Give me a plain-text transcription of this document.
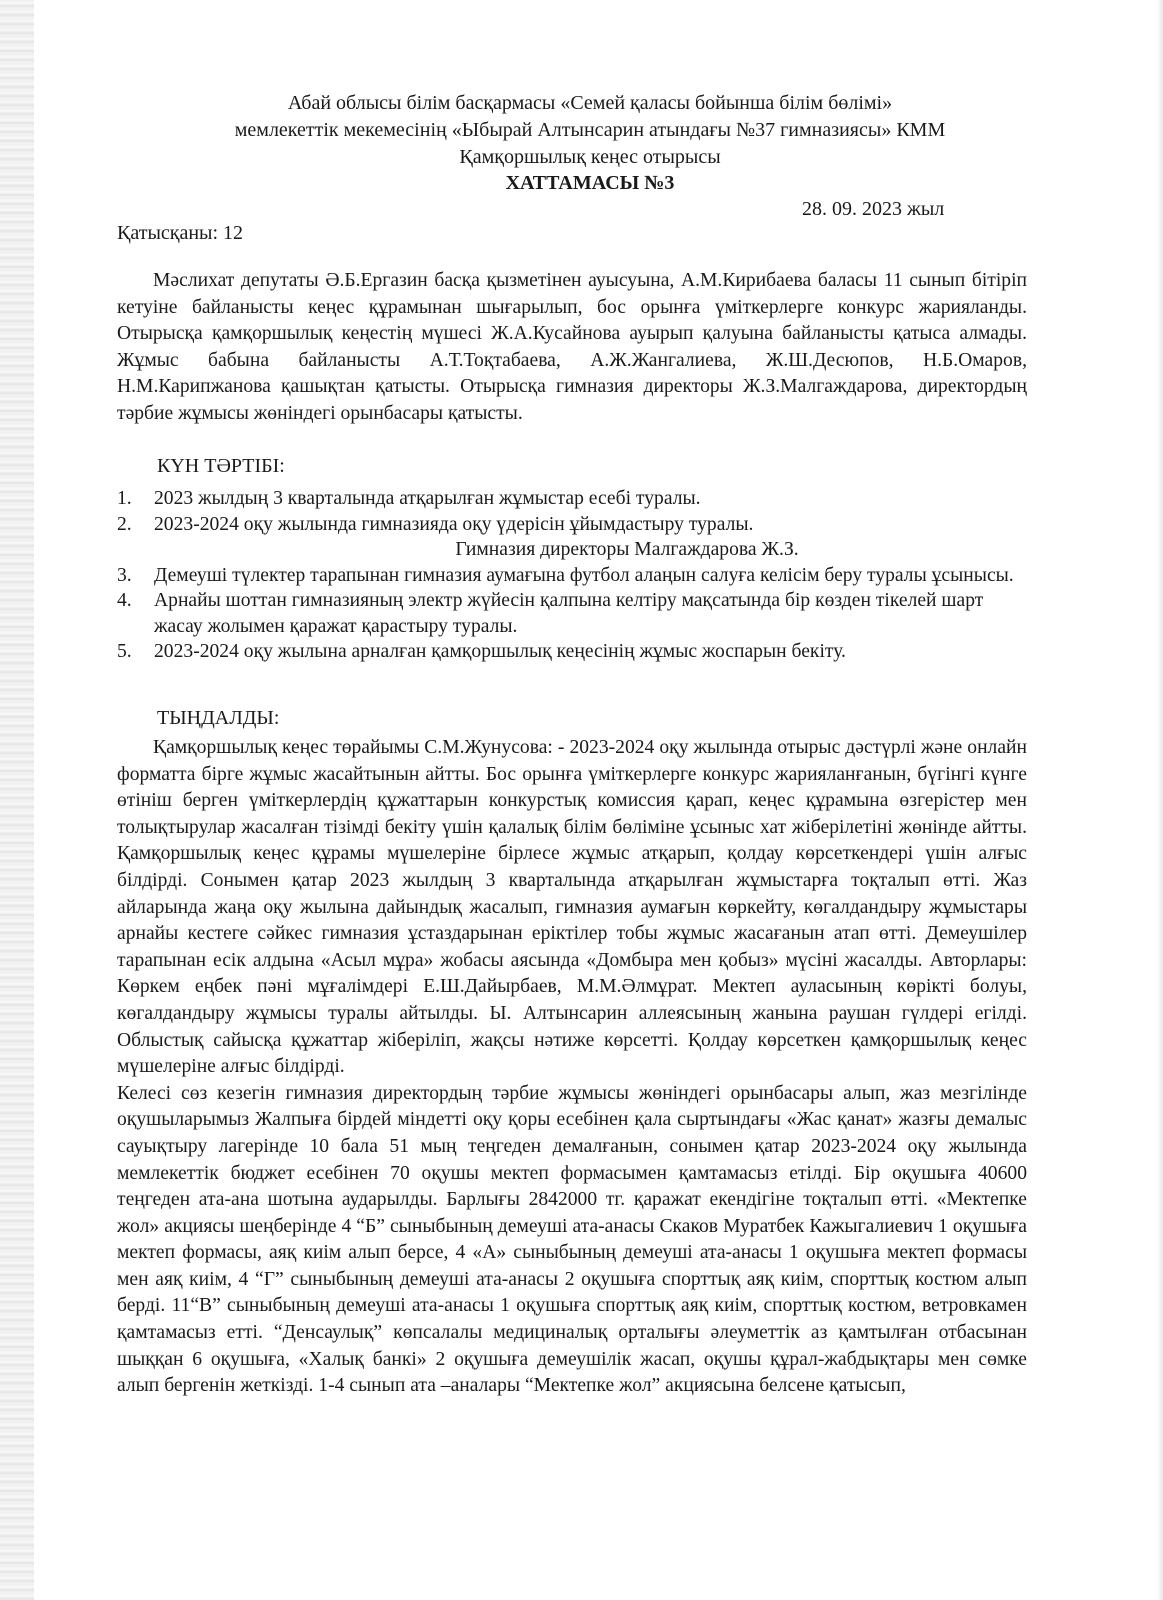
Абай облысы білім басқармасы «Семей қаласы бойынша білім бөлімі»
мемлекеттік мекемесінің «Ыбырай Алтынсарин атындағы №37 гимназиясы» КММ
Қамқоршылық кеңес отырысы
ХАТТАМАСЫ №3
28. 09. 2023 жыл
Қатысқаны: 12

Мәслихат депутаты Ә.Б.Ергазин басқа қызметінен ауысуына, А.М.Кирибаева баласы 11 сынып бітіріп кетуіне байланысты кеңес құрамынан шығарылып, бос орынға үміткерлерге конкурс жарияланды. Отырысқа қамқоршылық кеңестің мүшесі Ж.А.Кусайнова ауырып қалуына байланысты қатыса алмады. Жұмыс бабына байланысты А.Т.Тоқтабаева, А.Ж.Жангалиева, Ж.Ш.Десюпов, Н.Б.Омаров, Н.М.Карипжанова қашықтан қатысты. Отырысқа гимназия директоры Ж.З.Малгаждарова, директордың тәрбие жұмысы жөніндегі орынбасары қатысты.

КҮН ТӘРТІБІ:
1. 2023 жылдың 3 кварталында атқарылған жұмыстар есебі туралы.
2. 2023-2024 оқу жылында гимназияда оқу үдерісін ұйымдастыру туралы.
Гимназия директоры Малгаждарова Ж.З.
3. Демеуші түлектер тарапынан гимназия аумағына футбол алаңын салуға келісім беру туралы ұсынысы.
4. Арнайы шоттан гимназияның электр жүйесін қалпына келтіру мақсатында бір көзден тікелей шарт жасау жолымен қаражат қарастыру туралы.
5. 2023-2024 оқу жылына арналған қамқоршылық кеңесінің жұмыс жоспарын бекіту.
ТЫҢДАЛДЫ:

Қамқоршылық кеңес төрайымы С.М.Жунусова: - 2023-2024 оқу жылында отырыс дәстүрлі және онлайн форматта бірге жұмыс жасайтынын айтты. Бос орынға үміткерлерге конкурс жарияланғанын, бүгінгі күнге өтініш берген үміткерлердің құжаттарын конкурстық комиссия қарап, кеңес құрамына өзгерістер мен толықтырулар жасалған тізімді бекіту үшін қалалық білім бөліміне ұсыныс хат жіберілетіні жөнінде айтты. Қамқоршылық кеңес құрамы мүшелеріне бірлесе жұмыс атқарып, қолдау көрсеткендері үшін алғыс білдірді. Сонымен қатар 2023 жылдың 3 кварталында атқарылған жұмыстарға тоқталып өтті. Жаз айларында жаңа оқу жылына дайындық жасалып, гимназия аумағын көркейту, көгалдандыру жұмыстары арнайы кестеге сәйкес гимназия ұстаздарынан еріктілер тобы жұмыс жасағанын атап өтті. Демеушілер тарапынан есік алдына «Асыл мұра» жобасы аясында «Домбыра мен қобыз» мүсіні жасалды. Авторлары: Көркем еңбек пәні мұғалімдері Е.Ш.Дайырбаев, М.М.Әлмұрат. Мектеп ауласының көрікті болуы, көгалдандыру жұмысы туралы айтылды. Ы. Алтынсарин аллеясының жанына раушан гүлдері егілді. Облыстық сайысқа құжаттар жіберіліп, жақсы нәтиже көрсетті. Қолдау көрсеткен қамқоршылық кеңес мүшелеріне алғыс білдірді.

Келесі сөз кезегін гимназия директордың тәрбие жұмысы жөніндегі орынбасары алып, жаз мезгілінде оқушыларымыз Жалпыға бірдей міндетті оқу қоры есебінен қала сыртындағы «Жас қанат» жазғы демалыс сауықтыру лагерінде 10 бала 51 мың теңгеден демалғанын, сонымен қатар 2023-2024 оқу жылында мемлекеттік бюджет есебінен 70 оқушы мектеп формасымен қамтамасыз етілді. Бір оқушыға 40600 теңгеден ата-ана шотына аударылды. Барлығы 2842000 тг. қаражат екендігіне тоқталып өтті. «Мектепке жол» акциясы шеңберінде 4 “Б” сыныбының демеуші ата-анасы Скаков Муратбек Кажыгалиевич 1 оқушыға мектеп формасы, аяқ киім алып берсе, 4 «А» сыныбының демеуші ата-анасы 1 оқушыға мектеп формасы мен аяқ киім, 4 “Г” сыныбының демеуші ата-анасы 2 оқушыға спорттық аяқ киім, спорттық костюм алып берді. 11“В” сыныбының демеуші ата-анасы 1 оқушыға спорттық аяқ киім, спорттық костюм, ветровкамен қамтамасыз етті. “Денсаулық” көпсалалы медициналық орталығы әлеуметтік аз қамтылған отбасынан шыққан 6 оқушыға, «Халық банкі» 2 оқушыға демеушілік жасап, оқушы құрал-жабдықтары мен сөмке алып бергенін жеткізді. 1-4 сынып ата –аналары “Мектепке жол” акциясына белсене қатысып,
